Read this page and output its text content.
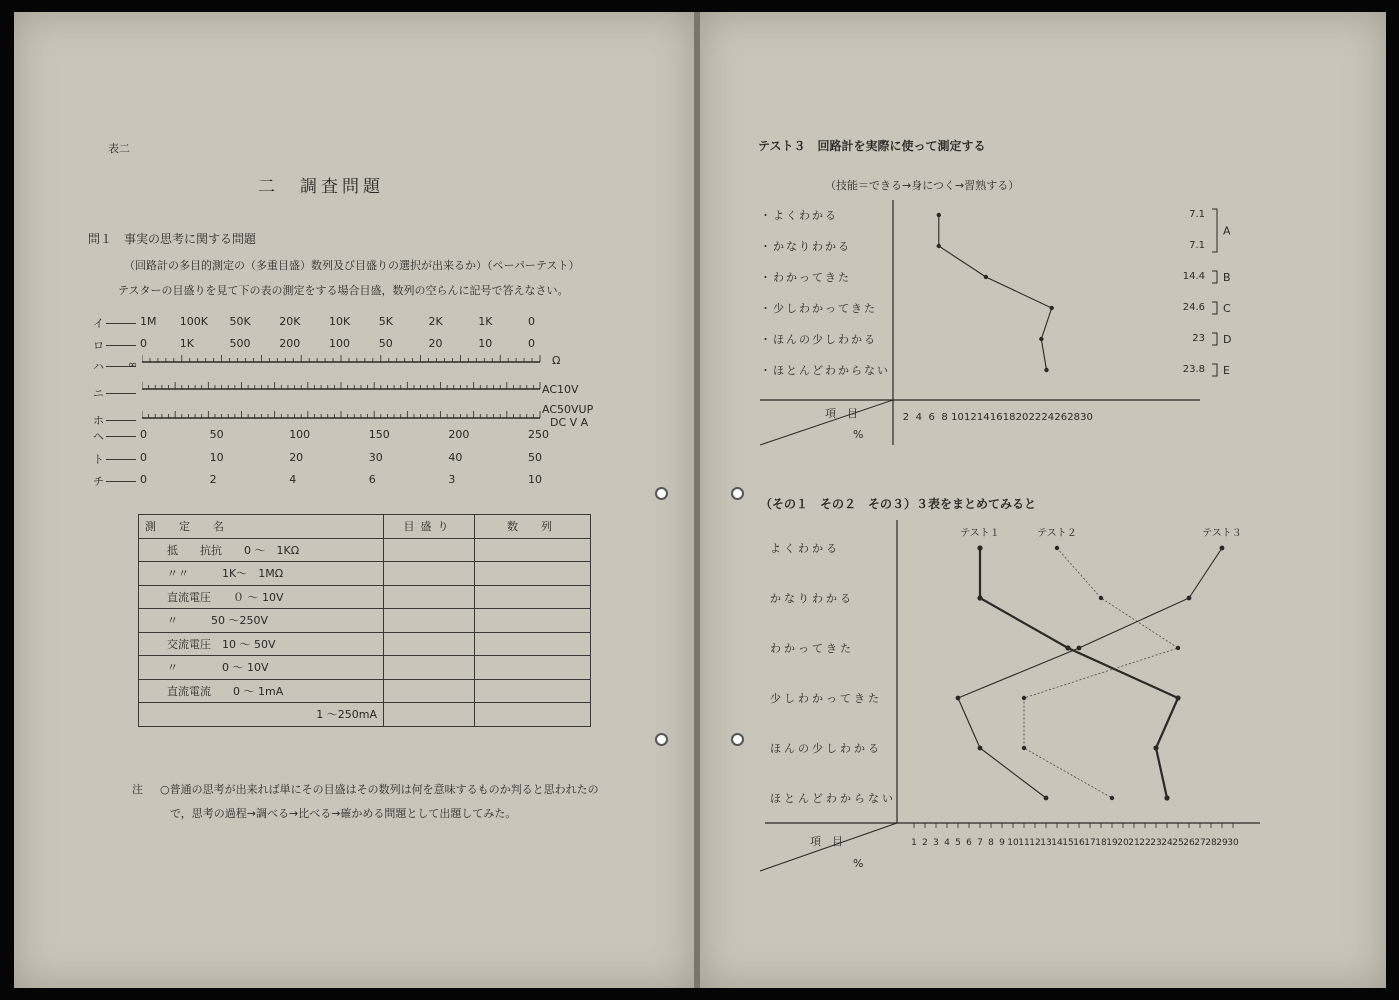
表二
二　調査問題
問１　事実の思考に関する問題
（回路計の多目的測定の（多重目盛）数列及び目盛りの選択が出来るか）（ペーパーテスト）
テスターの目盛りを見て下の表の測定をする場合目盛，数列の空らんに記号で答えなさい。
イ	1M 100K 50K	20K	10K	5K	2K	1K	0
ロ	0	1K	500	200	100	50	20	10	0
ハ
ニ
ホ
ヘ	0	50	100	150	200	250
ト	0	10	20	30	40	50
チ	0	2	4	6	3	10
∞	Ω
AC10V
AC50VUP
DC V A
測　定　名	目盛り	数　列
抵　　抗抗　　0 〜　1KΩ		
〃〃　　　1K〜　1MΩ		
直流電圧　　０ 〜 10V		
〃　　　50 〜250V		
交流電圧　10 〜 50V		
〃　　　　0 〜 10V		
直流電流　　0 〜 1mA		
1 〜250mA		
注 ○普通の思考が出来れば単にその目盛はその数列は何を意味するものか判ると思われたの
で，思考の過程→調べる→比べる→確かめる問題として出題してみた。
テスト３　回路計を実際に使って測定する
（技能＝できる→身につく→習熟する）
（その１　その２　その３）３表をまとめてみると
項　目
%
・よくわかる
・かなりわかる
・わかってきた
・少しわかってきた
・ほんの少しわかる
・ほとんどわからない
2 4 6 8 10 12 14 16 18 20 22 24 26 28 30
7.1
7.1
14.4
24.6
23
23.8
A
B
C
D
E
項　目
%
よくわかる
かなりわかる
わかってきた
少しわかってきた
ほんの少しわかる
ほとんどわからない
1 2 3 4 5 6 7 8 9 10 11 12 13 14 15 16 17 18 19 20 21 22 23 24 25 26 27 28 29 30
テスト１	テスト２	テスト３
